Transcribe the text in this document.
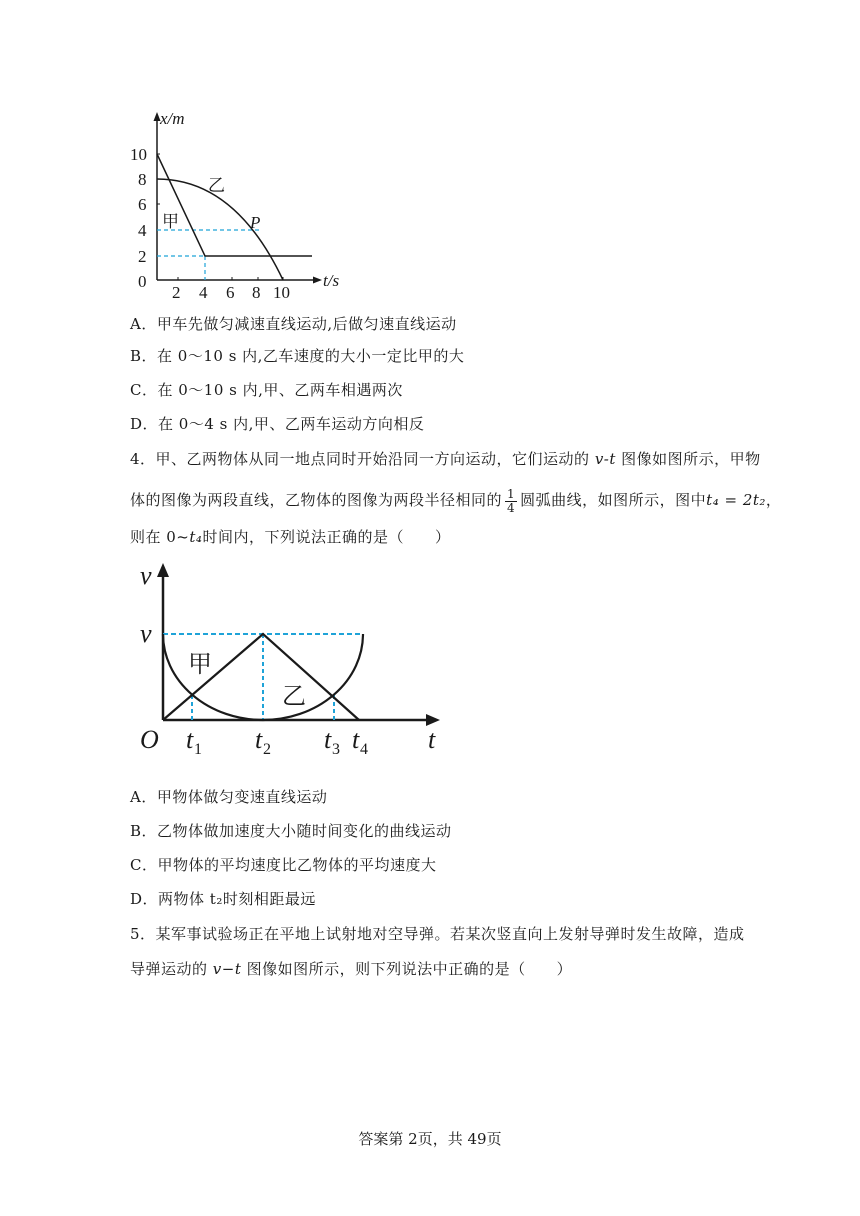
x/m
t/s
10
8
6
4
2
0
2 4 6 8 10
乙
甲	P
A．甲车先做匀减速直线运动,后做匀速直线运动
B．在 0～10 s 内,乙车速度的大小一定比甲的大
C．在 0～10 s 内,甲、乙两车相遇两次
D．在 0～4 s 内,甲、乙两车运动方向相反
4．甲、乙两物体从同一地点同时开始沿同一方向运动，它们运动的 v-t 图像如图所示，甲物
体的图像为两段直线，乙物体的图像为两段半径相同的 $\frac{1}{4}$ 圆弧曲线，如图所示，图中t₄ = 2t₂，
则在 0~t₄时间内，下列说法正确的是（　　）
v
v
O	t
t 1 t 2 t 3 t 4
甲
乙
A．甲物体做匀变速直线运动
B．乙物体做加速度大小随时间变化的曲线运动
C．甲物体的平均速度比乙物体的平均速度大
D．两物体 t₂时刻相距最远
5．某军事试验场正在平地上试射地对空导弹。若某次竖直向上发射导弹时发生故障，造成
导弹运动的 v−t 图像如图所示，则下列说法中正确的是（　　）
答案第 2页，共 49页
